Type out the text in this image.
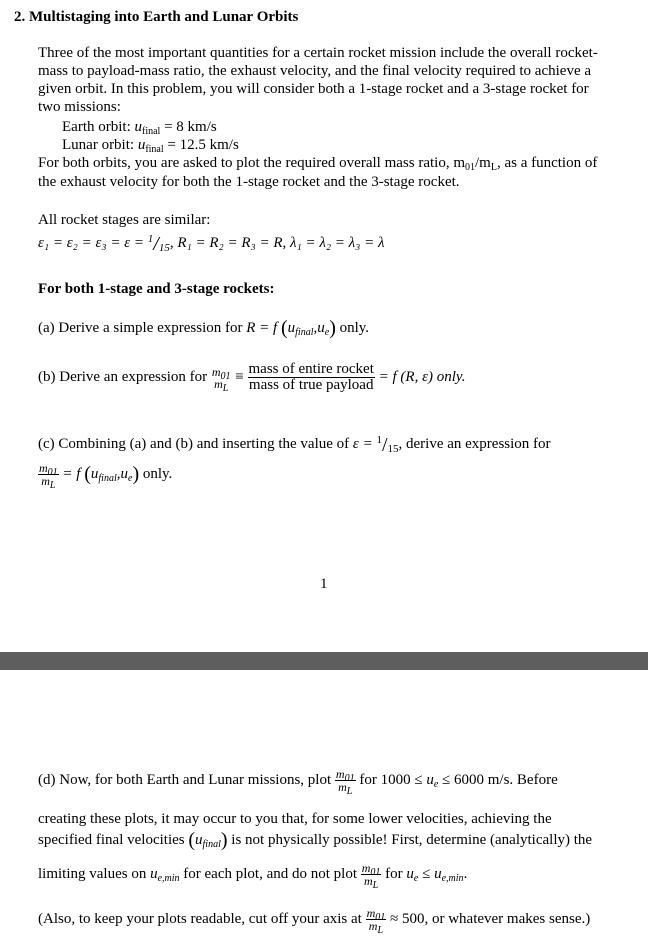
2. Multistaging into Earth and Lunar Orbits
Three of the most important quantities for a certain rocket mission include the overall rocket-
mass to payload-mass ratio, the exhaust velocity, and the final velocity required to achieve a
given orbit. In this problem, you will consider both a 1-stage rocket and a 3-stage rocket for
two missions:
Earth orbit: $u_{final} = 8$ km/s
Lunar orbit: $u_{final} = 12.5$ km/s
For both orbits, you are asked to plot the required overall mass ratio, $m_{01}/m_L$, as a function of
the exhaust velocity for both the 1-stage rocket and the 3-stage rocket.
All rocket stages are similar:
$\varepsilon_1 = \varepsilon_2 = \varepsilon_3 = \varepsilon = ^1/_{15}$, R₁ = R₂ = R₃ = R, λ₁ = λ₂ = λ₃ = λ
For both 1-stage and 3-stage rockets:
(a) Derive a simple expression for R = f $(u_{final},u_e)$ only.
(b) Derive an expression for $m_{01}$
$m_L$
≡ $\frac{\text{mass of entire rocket}}{\text{mass of true payload}} = f$ (R, ε) only.
(c) Combining (a) and (b) and inserting the value of $\varepsilon = ^1/_{15}$, derive an expression for
$\frac{m_{01}}{m_L} = f$ $(u_{final},u_e)$ only.
1
(d) Now, for both Earth and Lunar missions, plot $\frac{m_{01}}{m_L}$ for $1000 \le u_e \le 6000$ m/s. Before
creating these plots, it may occur to you that, for some lower velocities, achieving the
specified final velocities $(u_{final})$ is not physically possible! First, determine (analytically) the
limiting values on $u_{e,min}$ for each plot, and do not plot $\frac{m_{01}}{m_L}$ for $u_e \le u_{e,min}$.
(Also, to keep your plots readable, cut off your axis at $\frac{m_{01}}{m_L} \approx 500$, or whatever makes sense.)
